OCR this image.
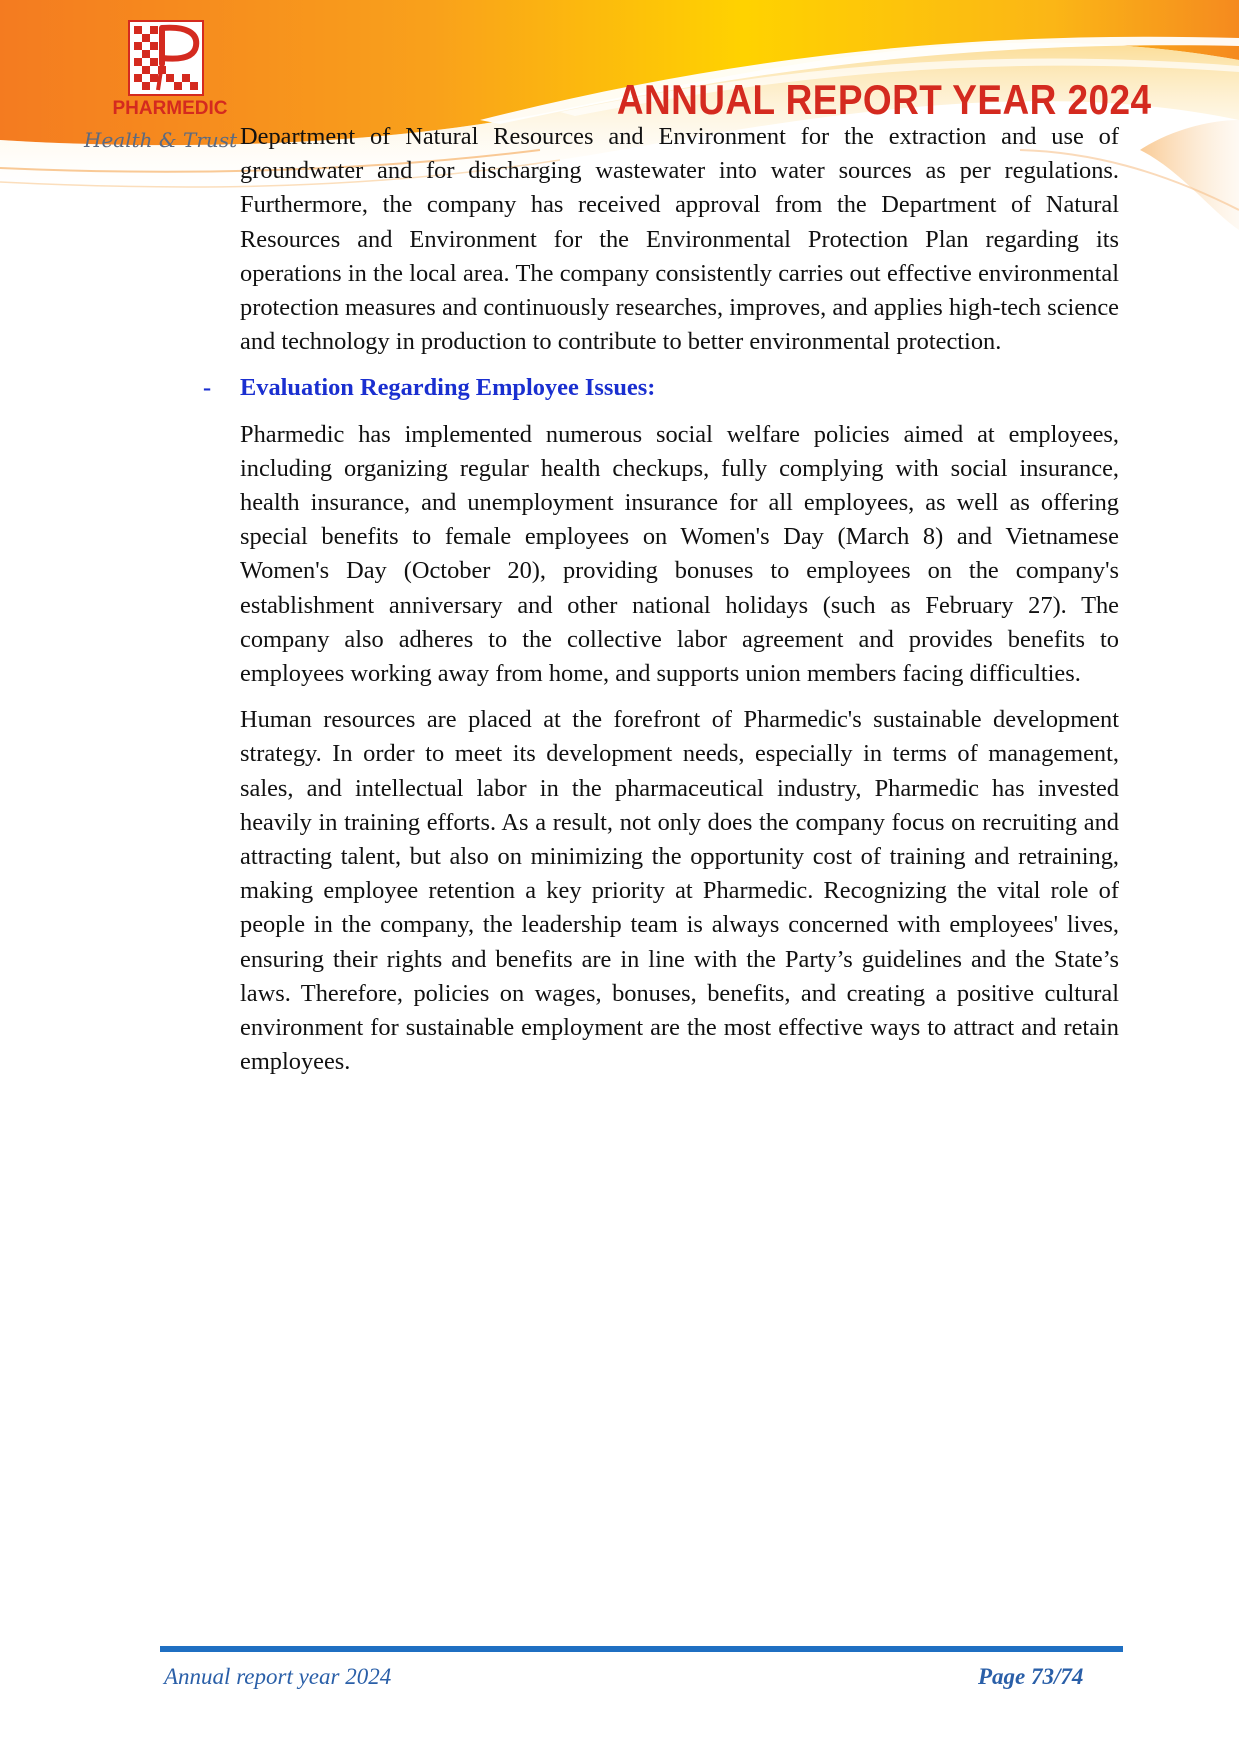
PHARMEDIC
Health & Trust
ANNUAL REPORT YEAR 2024

Department of Natural Resources and Environment for the extraction and use of groundwater and for discharging wastewater into water sources as per regulations. Furthermore, the company has received approval from the Department of Natural Resources and Environment for the Environmental Protection Plan regarding its operations in the local area. The company consistently carries out effective environmental protection measures and continuously researches, improves, and applies high-tech science and technology in production to contribute to better environmental protection.

- Evaluation Regarding Employee Issues:

Pharmedic has implemented numerous social welfare policies aimed at employees, including organizing regular health checkups, fully complying with social insurance, health insurance, and unemployment insurance for all employees, as well as offering special benefits to female employees on Women's Day (March 8) and Vietnamese Women's Day (October 20), providing bonuses to employees on the company's establishment anniversary and other national holidays (such as February 27). The company also adheres to the collective labor agreement and provides benefits to employees working away from home, and supports union members facing difficulties.

Human resources are placed at the forefront of Pharmedic's sustainable development strategy. In order to meet its development needs, especially in terms of management, sales, and intellectual labor in the pharmaceutical industry, Pharmedic has invested heavily in training efforts. As a result, not only does the company focus on recruiting and attracting talent, but also on minimizing the opportunity cost of training and retraining, making employee retention a key priority at Pharmedic. Recognizing the vital role of people in the company, the leadership team is always concerned with employees' lives, ensuring their rights and benefits are in line with the Party’s guidelines and the State’s laws. Therefore, policies on wages, bonuses, benefits, and creating a positive cultural environment for sustainable employment are the most effective ways to attract and retain employees.

Annual report year 2024	Page 73/74
